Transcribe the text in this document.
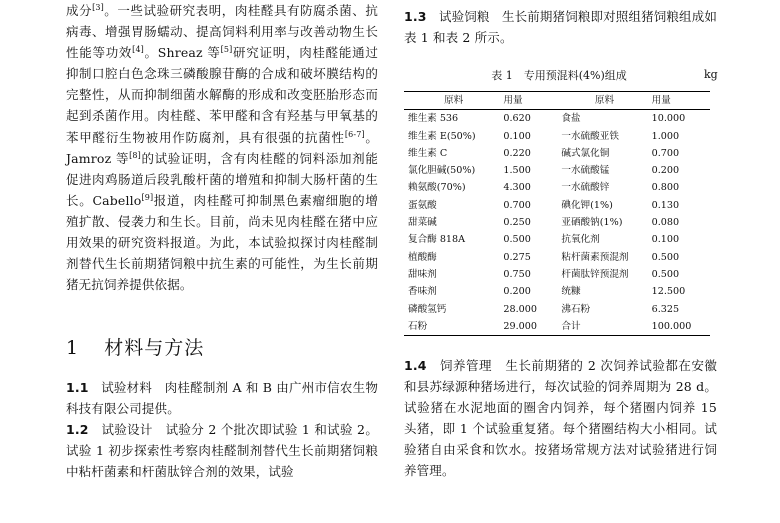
成分[3]。一些试验研究表明，肉桂醛具有防腐杀菌、抗病毒、增强胃肠蠕动、提高饲料利用率与改善动物生长性能等功效[4]。Shreaz 等[5]研究证明，肉桂醛能通过抑制口腔白色念珠三磷酸腺苷酶的合成和破坏膜结构的完整性，从而抑制细菌水解酶的形成和改变胚胎形态而起到杀菌作用。肉桂醛、苯甲醛和含有羟基与甲氧基的苯甲醛衍生物被用作防腐剂，具有很强的抗菌性[6-7]。Jamroz 等[8]的试验证明，含有肉桂醛的饲料添加剂能促进肉鸡肠道后段乳酸杆菌的增殖和抑制大肠杆菌的生长。Cabello[9]报道，肉桂醛可抑制黑色素瘤细胞的增殖扩散、侵袭力和生长。目前，尚未见肉桂醛在猪中应用效果的研究资料报道。为此，本试验拟探讨肉桂醛制剂替代生长前期猪饲粮中抗生素的可能性，为生长前期猪无抗饲养提供依据。

1 材料与方法

1.1 试验材料 肉桂醛制剂 A 和 B 由广州市信农生物科技有限公司提供。

1.2 试验设计 试验分 2 个批次即试验 1 和试验 2。试验 1 初步探索性考察肉桂醛制剂替代生长前期猪饲粮中粘杆菌素和杆菌肽锌合剂的效果，试验

1.3 试验饲粮 生长前期猪饲粮即对照组猪饲粮组成如表 1 和表 2 所示。

1.4 饲养管理 生长前期猪的 2 次饲养试验都在安徽和县苏绿源种猪场进行，每次试验的饲养周期为 28 d。试验猪在水泥地面的圈舍内饲养，每个猪圈内饲养 15 头猪，即 1 个试验重复猪。每个猪圈结构大小相同。试验猪自由采食和饮水。按猪场常规方法对试验猪进行饲养管理。

表 1　专用预混料(4%)组成	kg
原料	用量	原料	用量
维生素 536	0.620	食盐	10.000
维生素 E(50%)	0.100	一水硫酸亚铁	1.000
维生素 C	0.220	碱式氯化铜	0.700
氯化胆碱(50%)	1.500	一水硫酸锰	0.200
赖氨酸(70%)	4.300	一水硫酸锌	0.800
蛋氨酸	0.700	碘化钾(1%)	0.130
甜菜碱	0.250	亚硒酸钠(1%)	0.080
复合酶 818A	0.500	抗氧化剂	0.100
植酸酶	0.275	粘杆菌素预混剂	0.500
甜味剂	0.750	杆菌肽锌预混剂	0.500
香味剂	0.200	统糠	12.500
磷酸氢钙	28.000	沸石粉	6.325
石粉	29.000	合计	100.000
